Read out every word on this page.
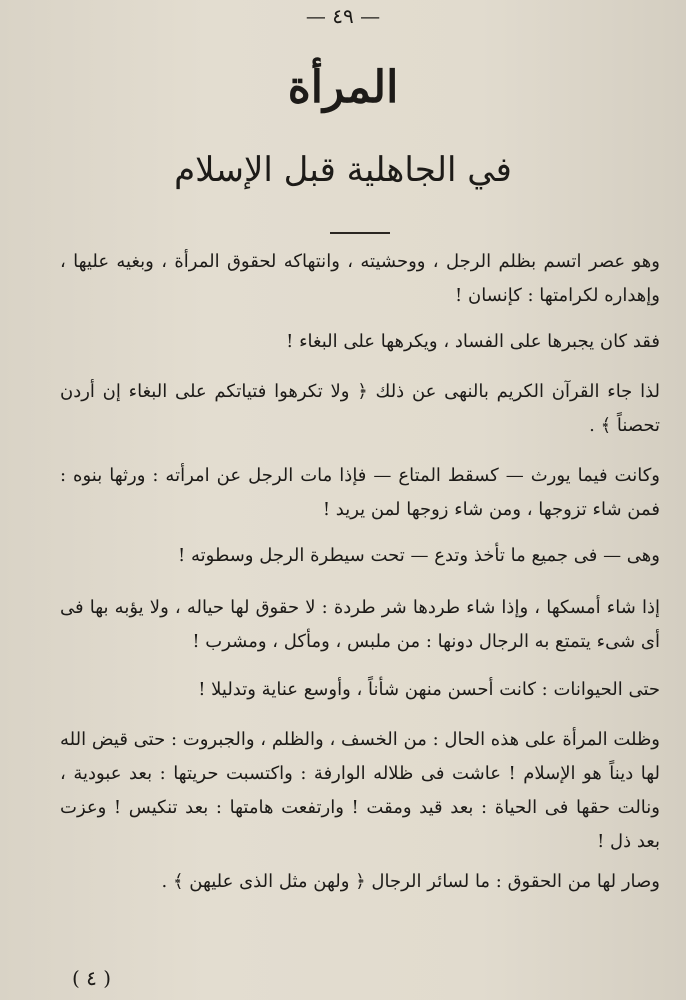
— ٤٩ —
المرأة
في الجاهلية قبل الإسلام

وهو عصر اتسم بظلم الرجل ، ووحشيته ، وانتهاكه لحقوق المرأة ، وبغيه عليها ، وإهداره لكرامتها : كإنسان !

فقد كان يجبرها على الفساد ، ويكرهها على البغاء !

لذا جاء القرآن الكريم بالنهى عن ذلك ﴿ ولا تكرهوا فتياتكم على البغاء إن أردن تحصناً ﴾ .

وكانت فيما يورث — كسقط المتاع — فإذا مات الرجل عن امرأته : ورثها بنوه : فمن شاء تزوجها ، ومن شاء زوجها لمن يريد !

وهى — فى جميع ما تأخذ وتدع — تحت سيطرة الرجل وسطوته !

إذا شاء أمسكها ، وإذا شاء طردها شر طردة : لا حقوق لها حياله ، ولا يؤبه بها فى أى شىء يتمتع به الرجال دونها : من ملبس ، ومأكل ، ومشرب !

حتى الحيوانات : كانت أحسن منهن شأناً ، وأوسع عناية وتدليلا !

وظلت المرأة على هذه الحال : من الخسف ، والظلم ، والجبروت : حتى قيض الله لها ديناً هو الإسلام ! عاشت فى ظلاله الوارفة : واكتسبت حريتها : بعد عبودية ، ونالت حقها فى الحياة : بعد قيد ومقت ! وارتفعت هامتها : بعد تنكيس ! وعزت بعد ذل !

وصار لها من الحقوق : ما لسائر الرجال ﴿ ولهن مثل الذى عليهن ﴾ .

( ٤ )
